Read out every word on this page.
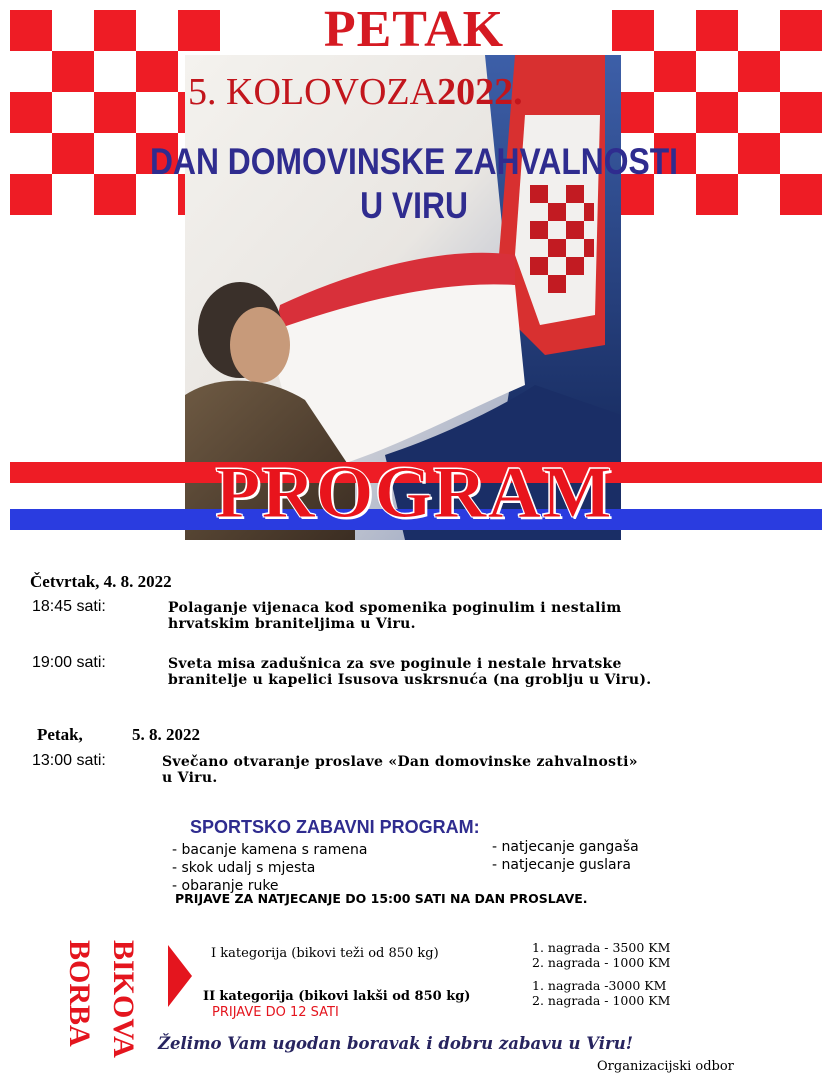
PETAK
5. KOLOVOZA2022.
DAN DOMOVINSKE ZAHVALNOSTI
U VIRU
PROGRAM
Četvrtak, 4. 8. 2022
18:45 sati:	Polaganje vijenaca kod spomenika poginulim i nestalim
hrvatskim braniteljima u Viru.
19:00 sati:	Sveta misa zadušnica za sve poginule i nestale hrvatske
branitelje u kapelici Isusova uskrsnuća (na groblju u Viru).
Petak,	5. 8. 2022
13:00 sati:	Svečano otvaranje proslave «Dan domovinske zahvalnosti»
u Viru.
SPORTSKO ZABAVNI PROGRAM:
- bacanje kamena s ramena
- skok udalj s mjesta
- obaranje ruke
- natjecanje gangaša
- natjecanje guslara
PRIJAVE ZA NATJECANJE DO 15:00 SATI NA DAN PROSLAVE.
BORBA BIKOVA	I kategorija (bikovi teži od 850 kg)	1. nagrada - 3500 KM
2. nagrada - 1000 KM
II kategorija (bikovi lakši od 850 kg)
1. nagrada -3000 KM
2. nagrada - 1000 KM
PRIJAVE DO 12 SATI
Želimo Vam ugodan boravak i dobru zabavu u Viru!
Organizacijski odbor
